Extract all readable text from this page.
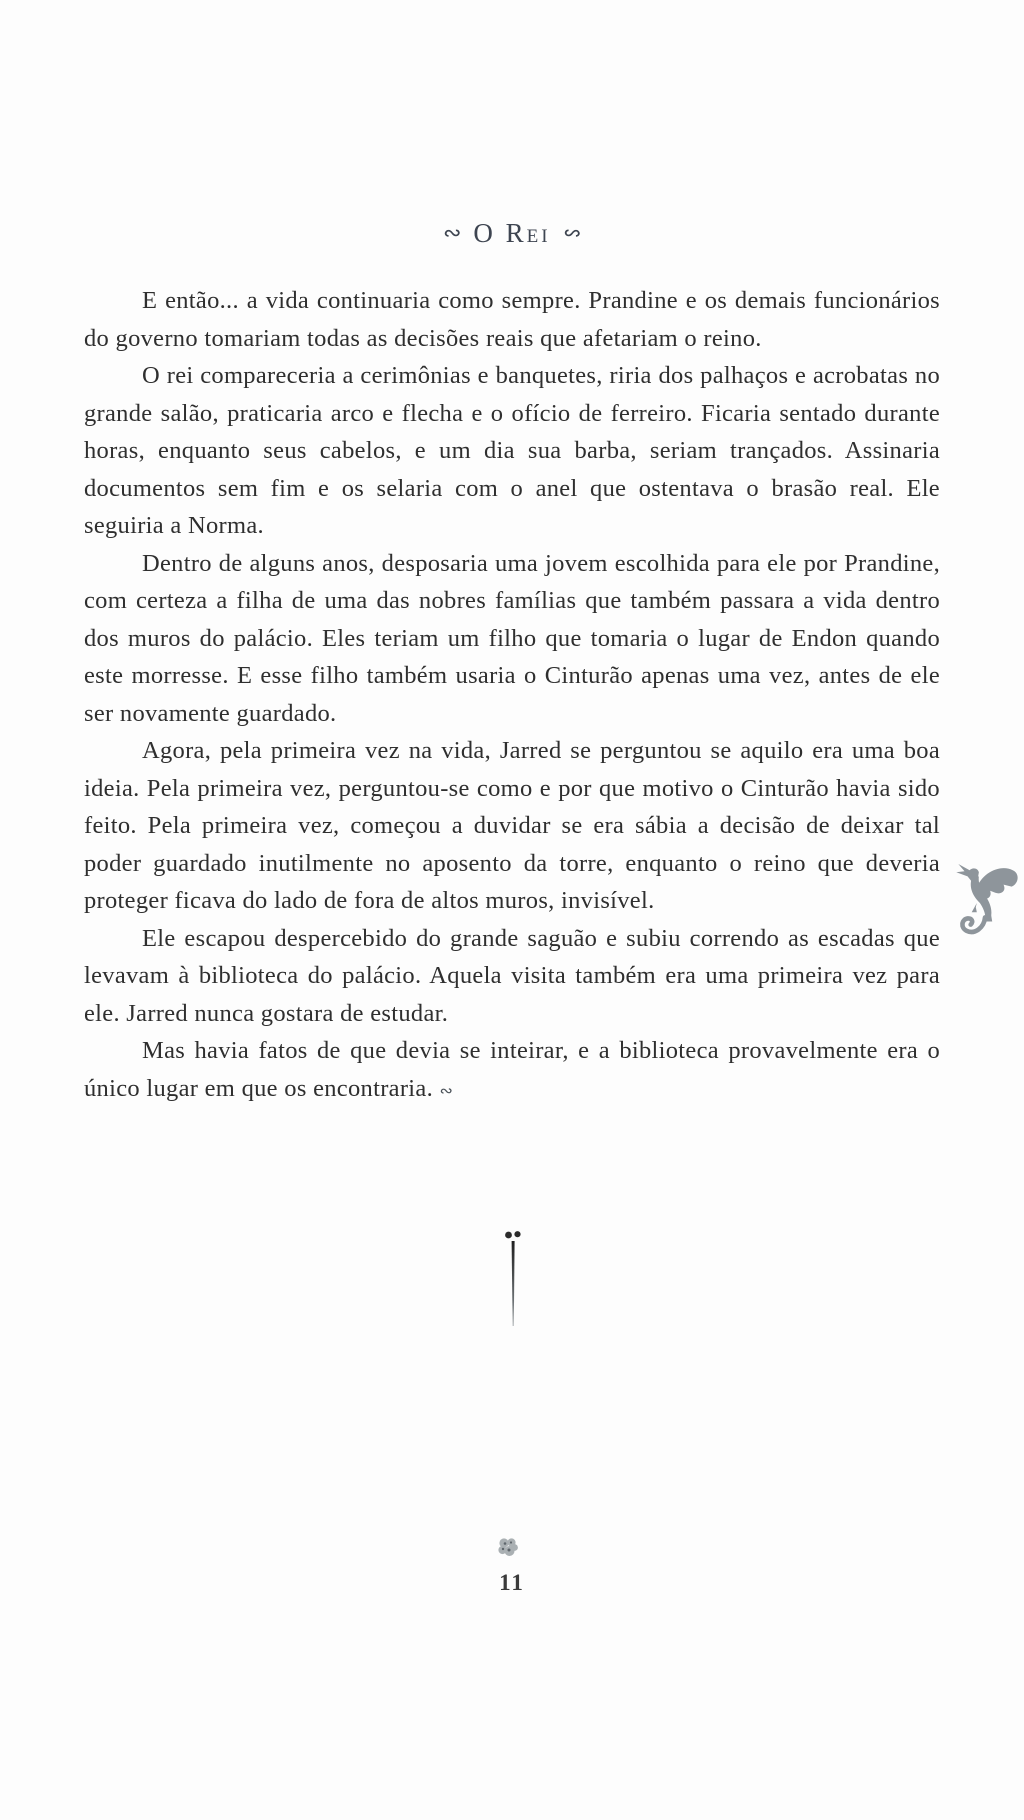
∾ O Rei ∾

E então... a vida continuaria como sempre. Prandine e os demais funcionários do governo tomariam todas as decisões reais que afetariam o reino.

O rei compareceria a cerimônias e banquetes, riria dos palhaços e acrobatas no grande salão, praticaria arco e flecha e o ofício de ferreiro. Ficaria sentado durante horas, enquanto seus cabelos, e um dia sua barba, seriam trançados. Assinaria documentos sem fim e os selaria com o anel que ostentava o brasão real. Ele seguiria a Norma.

Dentro de alguns anos, desposaria uma jovem escolhida para ele por Prandine, com certeza a filha de uma das nobres famílias que também passara a vida dentro dos muros do palácio. Eles teriam um filho que tomaria o lugar de Endon quando este morresse. E esse filho também usaria o Cinturão apenas uma vez, antes de ele ser novamente guardado.

Agora, pela primeira vez na vida, Jarred se perguntou se aquilo era uma boa ideia. Pela primeira vez, perguntou-se como e por que motivo o Cinturão havia sido feito. Pela primeira vez, começou a duvidar se era sábia a decisão de deixar tal poder guardado inutilmente no aposento da torre, enquanto o reino que deveria proteger ficava do lado de fora de altos muros, invisível.

Ele escapou despercebido do grande saguão e subiu correndo as escadas que levavam à biblioteca do palácio. Aquela visita também era uma primeira vez para ele. Jarred nunca gostara de estudar.

Mas havia fatos de que devia se inteirar, e a biblioteca provavelmente era o único lugar em que os encontraria. ∾

11
